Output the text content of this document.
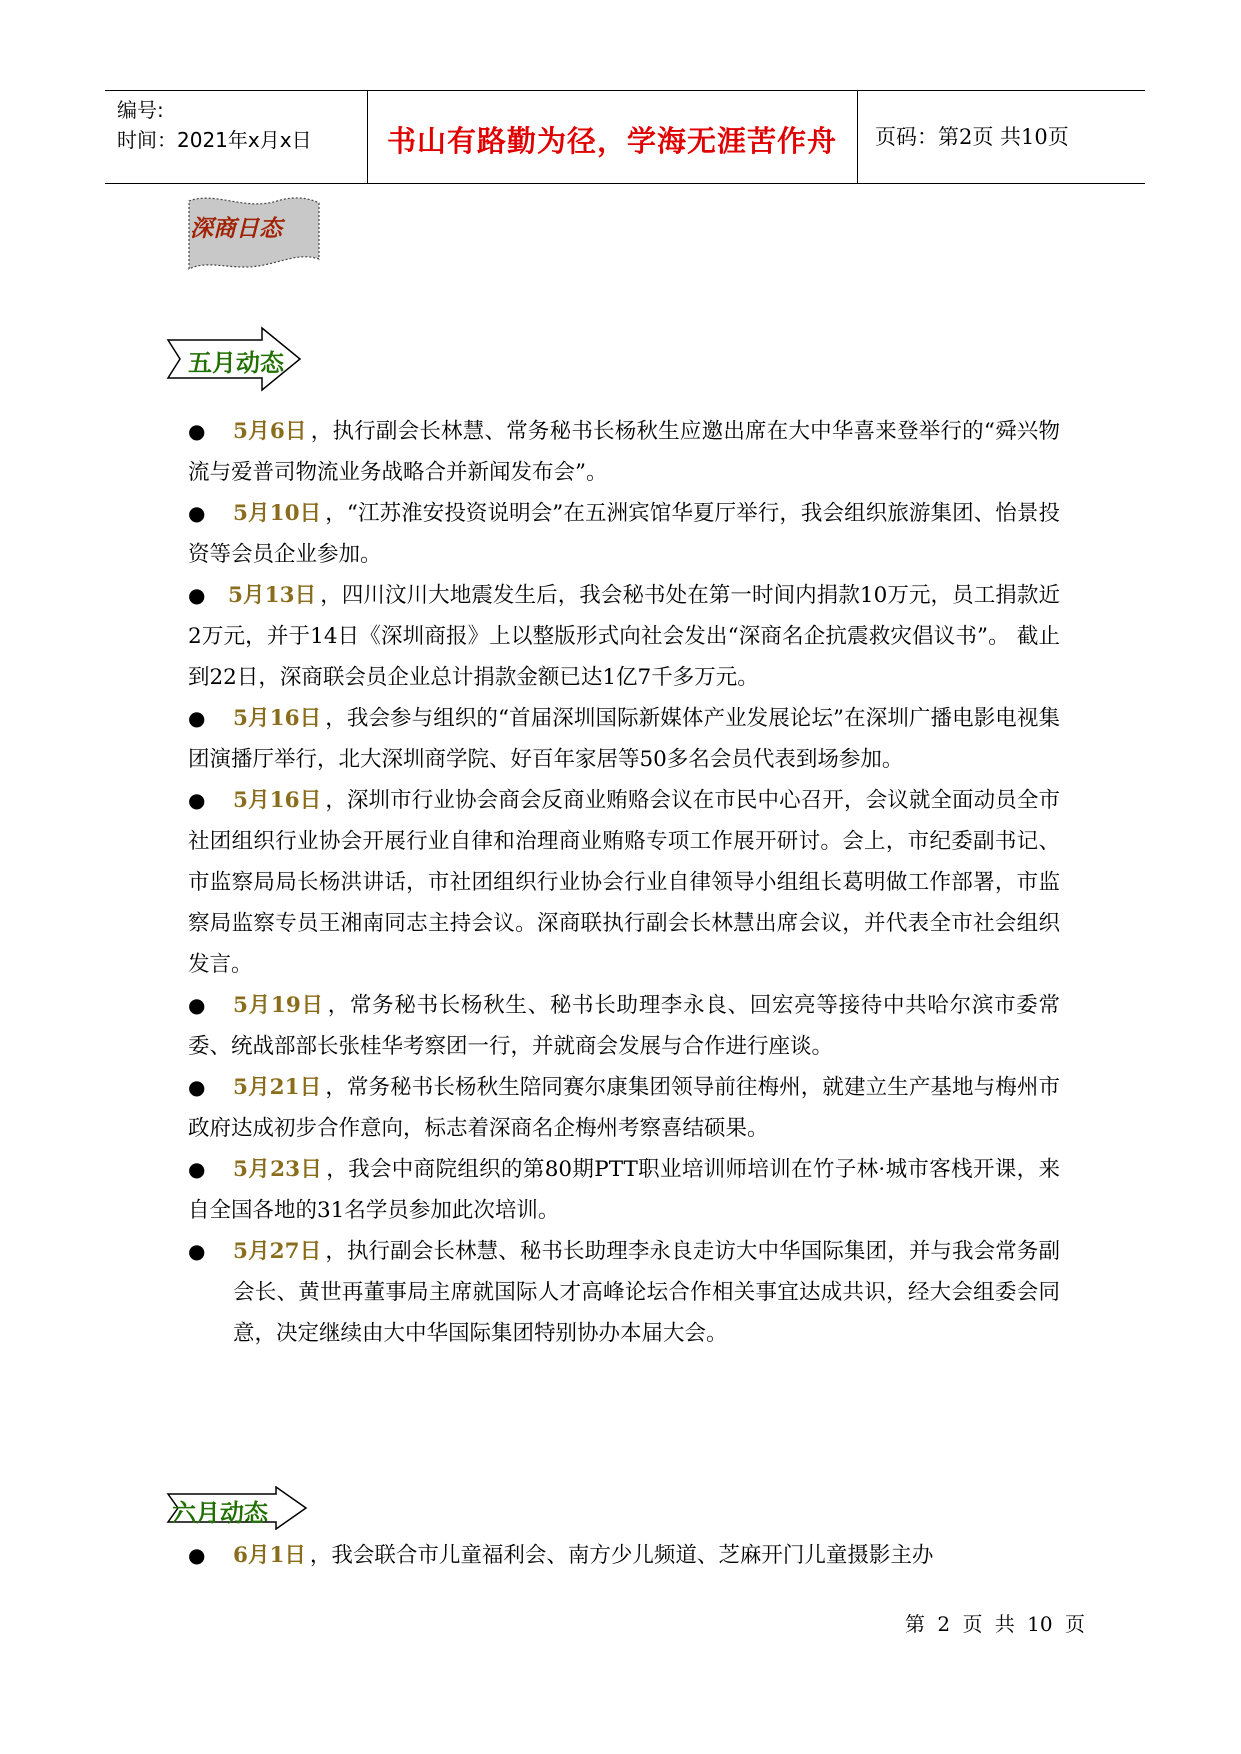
编号:
时间：2021年x月x日	书山有路勤为径，学海无涯苦作舟	页码：第2页 共10页
深商日态
五月动态

● 5月6日 ，执行副会长林慧、常务秘书长杨秋生应邀出席在大中华喜来登举行的“舜兴物流与爱普司物流业务战略合并新闻发布会”。

● 5月10日 ，“江苏淮安投资说明会”在五洲宾馆华夏厅举行，我会组织旅游集团、怡景投资等会员企业参加。

● 5月13日 ，四川汶川大地震发生后，我会秘书处在第一时间内捐款10万元，员工捐款近2万元，并于14日《深圳商报》上以整版形式向社会发出“深商名企抗震救灾倡议书”。 截止到22日，深商联会员企业总计捐款金额已达1亿7千多万元。

● 5月16日 ，我会参与组织的“首届深圳国际新媒体产业发展论坛”在深圳广播电影电视集团演播厅举行，北大深圳商学院、好百年家居等50多名会员代表到场参加。

● 5月16日 ，深圳市行业协会商会反商业贿赂会议在市民中心召开，会议就全面动员全市社团组织行业协会开展行业自律和治理商业贿赂专项工作展开研讨。会上，市纪委副书记、市监察局局长杨洪讲话，市社团组织行业协会行业自律领导小组组长葛明做工作部署，市监察局监察专员王湘南同志主持会议。深商联执行副会长林慧出席会议，并代表全市社会组织发言。

● 5月19日 ，常务秘书长杨秋生、秘书长助理李永良、回宏亮等接待中共哈尔滨市委常委、统战部部长张桂华考察团一行，并就商会发展与合作进行座谈。

● 5月21日 ，常务秘书长杨秋生陪同赛尔康集团领导前往梅州，就建立生产基地与梅州市政府达成初步合作意向，标志着深商名企梅州考察喜结硕果。

● 5月23日 ，我会中商院组织的第80期PTT职业培训师培训在竹子林·城市客栈开课，来自全国各地的31名学员参加此次培训。

● 5月27日 ，执行副会长林慧、秘书长助理李永良走访大中华国际集团，并与我会常务副会长、黄世再董事局主席就国际人才高峰论坛合作相关事宜达成共识，经大会组委会同意，决定继续由大中华国际集团特别协办本届大会。

六月动态

● 6月1日 ，我会联合市儿童福利会、南方少儿频道、芝麻开门儿童摄影主办

第 2 页 共 10 页
